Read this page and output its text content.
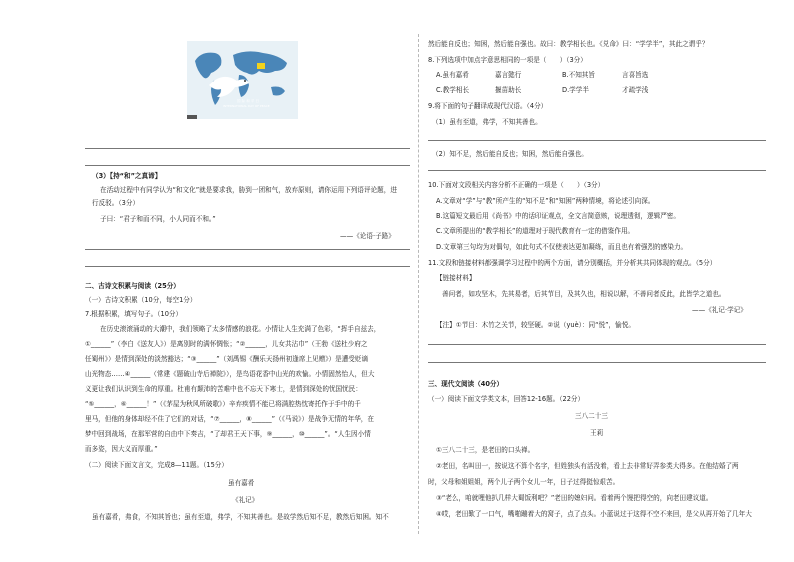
国 际 和 平 日
INTERNATIONAL DAY OF PEACE
（3）【持“和”之真谛】
在活动过程中有同学认为“和文化”就是要求我，胁到一团和气，放弃原则，请你运用下列语评论题，进
行反驳。（3分）
子曰：“君子和而不同，小人同而不和。”
——《论语·子路》
二、古诗文积累与阅读（25分）
（一）古诗文积累（10分，每空1分）
7.根据积累，填写句子。（10分）
在历史滚滚涌动的大潮中，我们领略了太多情感的浪花。小情让人生充满了色彩，“挥手自兹去，
①______”（李白《送友人》）是离别时的满怀惆怅；“②______，儿女共沾巾”（王勃《送杜少府之
任蜀州》）是情到深处的淡然豁达；“③______”（刘禹锡《酬乐天扬州初逢席上见赠》）是遭受贬谪
山光物态……④______（常建《题破山寺后禅院》），是鸟语花香中山光的欢愉。小情固然怡人，但大
义更让我们认识到生命的厚重。杜甫有颠沛的苦难中也不忘天下寒士，是情到深处的忧国忧民：
“⑤______，⑥______！”（《茅屋为秋风所破歌》）辛弃疾情不能已将满腔热忱寄托作于手中的千
里马，但他的身体却经不住了它们的对话，“⑦______，⑧______”（《马说》）是战争无情的年华，在
梦中回到战场，在那军营的自由中下奏吉，“了却君王天下事，⑨______，⑩______”。“人生因小情
而多姿，因大义而厚重。”
（二）阅读下面文言文，完成8—11题。（15分）
虽有嘉肴
《礼记》
虽有嘉肴，弗食，不知其旨也；虽有至道，弗学，不知其善也。是故学然后知不足，教然后知困。知不
然后能自反也；知困，然后能自强也。故曰：教学相长也。《兑命》曰：“学学半”，其此之谓乎？
8.下列选项中加点字意思相同的一项是（　　）（3分）
A.虽有嘉肴	嘉言懿行	B.不知其旨	言喜旨选
C.教学相长	揠苗助长	D.学学半	才疏学浅
9.将下面的句子翻译成现代汉语。（4分）
（1）虽有至道，弗学，不知其善也。
（2）知不足，然后能自反也；知困，然后能自强也。
10.下面对文段相关内容分析不正确的一项是（　　）（3分）
A.文章对“学”与“教”所产生的“知不足”和“知困”两种情境，将论述引向深。
B.这篇短文最后用《尚书》中的话印证观点，全文言简意赅，说理透彻，逻辑严密。
C.文章所提出的“教学相长”的道理对于现代教育有一定的借鉴作用。
D.文章第三句均为对偶句，如此句式不仅使表达更加凝练，而且也有着强烈的感染力。
11.文段和链接材料都强调学习过程中的两个方面，请分别概括，并分析其共同体现的观点。（5分）
【链接材料】
善问者，如攻坚木，先其易者，后其节目，及其久也，相说以解，不善问者反此，此皆学之道也。
——《礼记·学记》
【注】①节目：木竹之关节，较坚硬。②说（yuè）：同“悦”，愉悦。
三、现代文阅读（40分）
（一）阅读下面文学类文本，回答12-16题。（22分）
三八二十三
王莉
①三八二十三，是老田的口头禅。
②老田，名叫田一，按说这不算个名字，但姓独头有活没着，看上去非常好弄参类大得多。在他结婚了两
时，父母和姐姐姐，两个儿子两个女儿一年，日子过得挺惊艰苦。
③“老么，咱就哩他扒几样大蜀饭利吧？”老田的媳妇问。看着两个馒把得空的，向老田建议道。
④哎，老田歎了一口气，嘴啪蹦着大的窝子，点了点头。小蓝说过于这得不空不来回，是父从再开始了几年大
